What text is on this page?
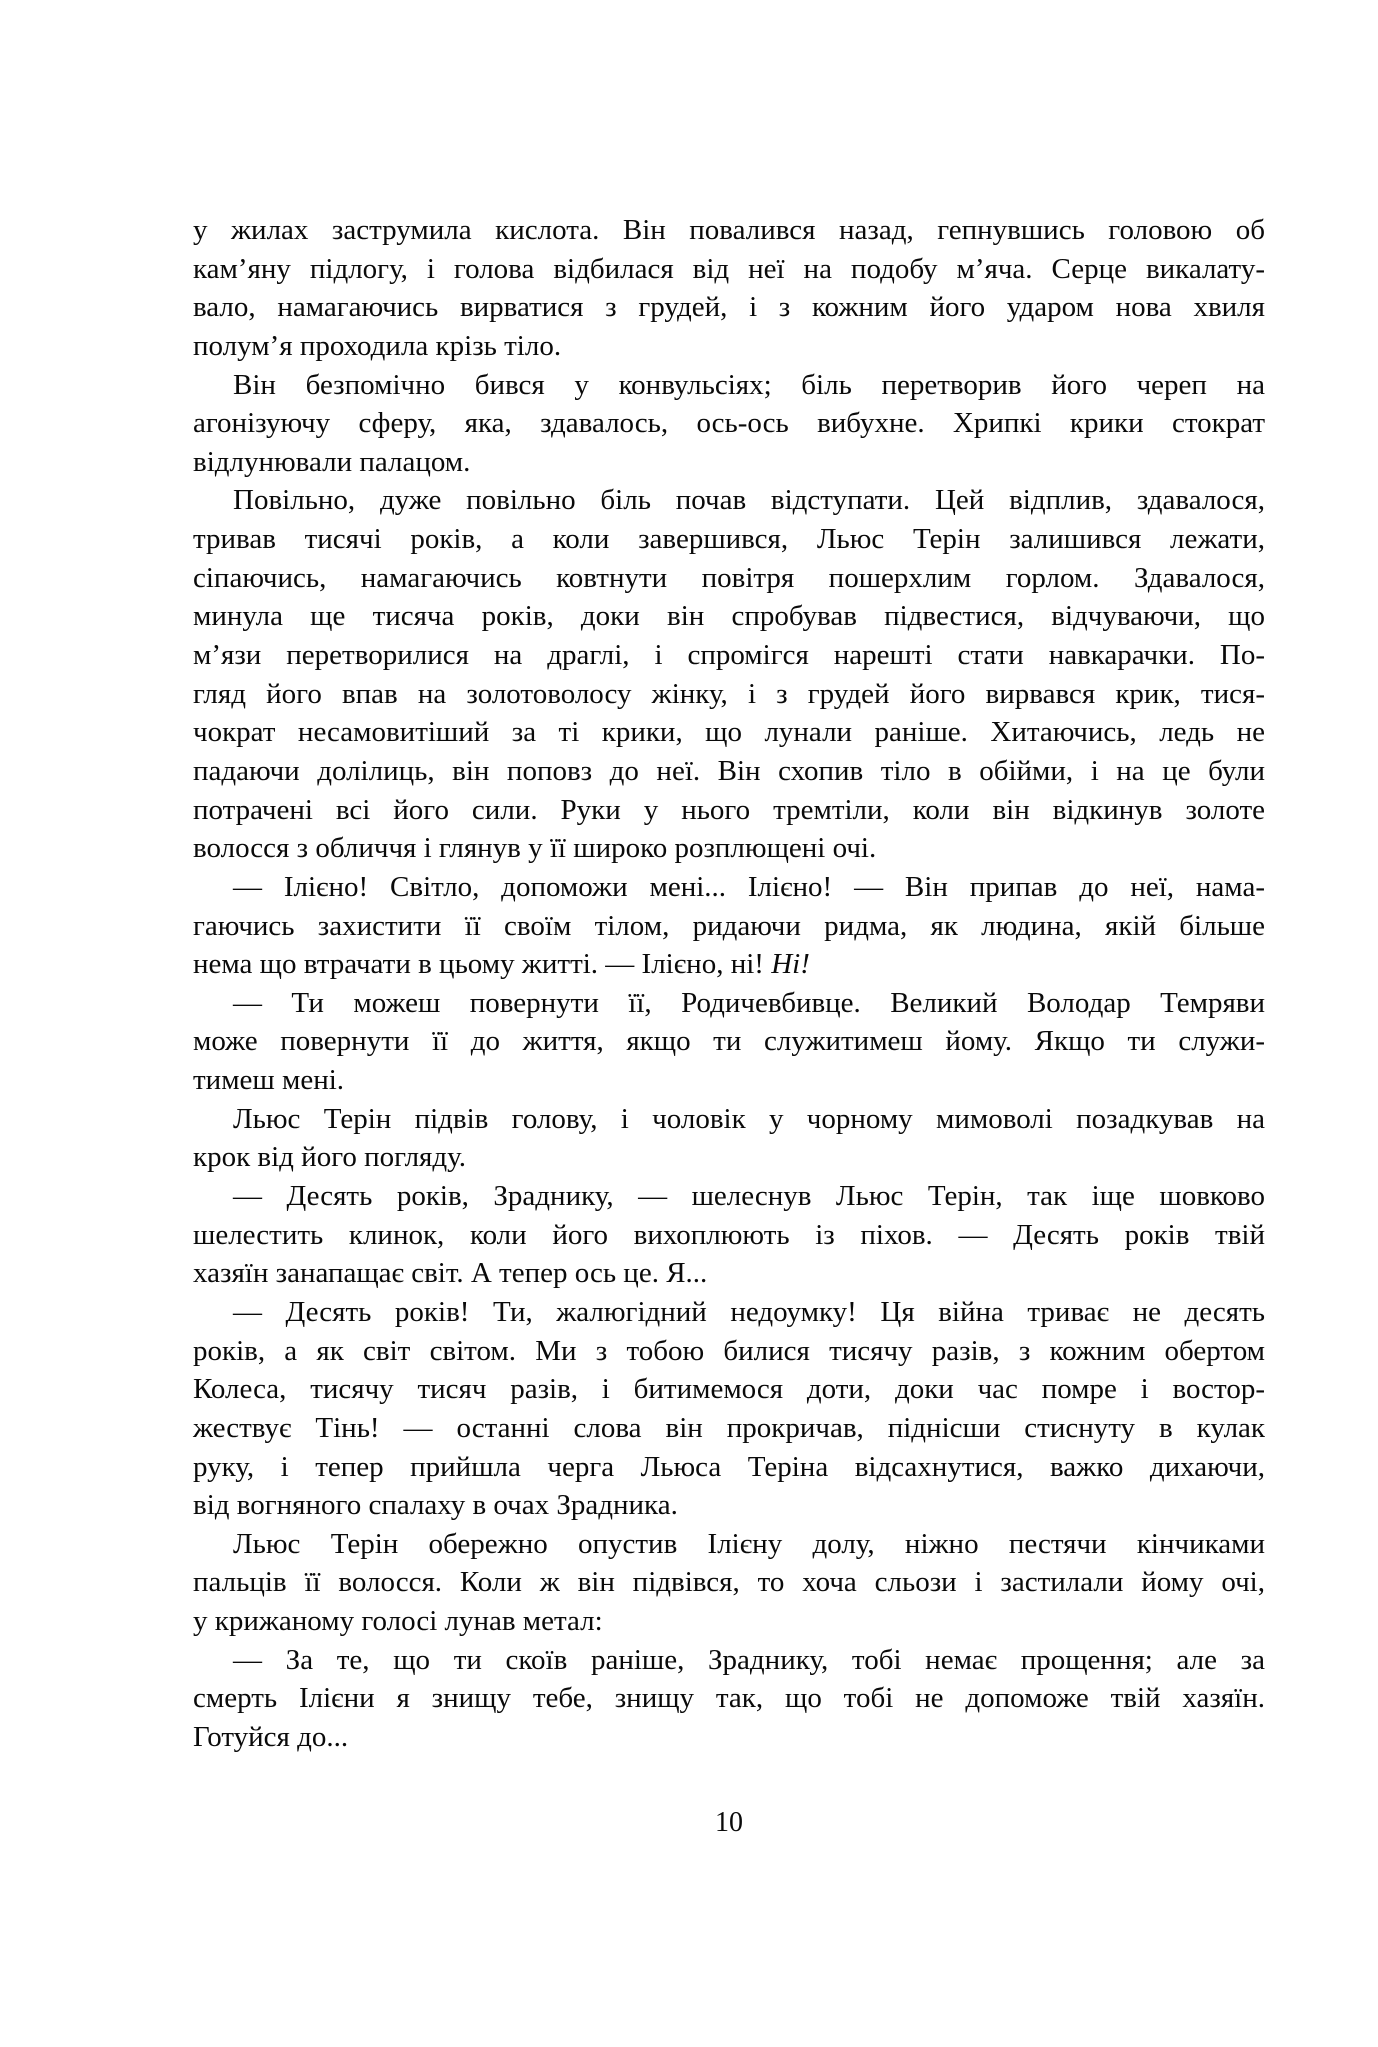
у жилах заструмила кислота. Він повалився назад, гепнувшись головою об
кам’яну підлогу, і голова відбилася від неї на подобу м’яча. Серце викалату-
вало, намагаючись вирватися з грудей, і з кожним його ударом нова хвиля
полум’я проходила крізь тіло.
Він безпомічно бився у конвульсіях; біль перетворив його череп на
агонізуючу сферу, яка, здавалось, ось-ось вибухне. Хрипкі крики стократ
відлунювали палацом.
Повільно, дуже повільно біль почав відступати. Цей відплив, здавалося,
тривав тисячі років, а коли завершився, Льюс Терін залишився лежати,
сіпаючись, намагаючись ковтнути повітря пошерхлим горлом. Здавалося,
минула ще тисяча років, доки він спробував підвестися, відчуваючи, що
м’язи перетворилися на драглі, і спромігся нарешті стати навкарачки. По-
гляд його впав на золотоволосу жінку, і з грудей його вирвався крик, тися-
чократ несамовитіший за ті крики, що лунали раніше. Хитаючись, ледь не
падаючи долілиць, він поповз до неї. Він схопив тіло в обійми, і на це були
потрачені всі його сили. Руки у нього тремтіли, коли він відкинув золоте
волосся з обличчя і глянув у її широко розплющені очі.
— Ілієно! Світло, допоможи мені... Ілієно! — Він припав до неї, нама-
гаючись захистити її своїм тілом, ридаючи ридма, як людина, якій більше
нема що втрачати в цьому житті. — Ілієно, ні! Ні!
— Ти можеш повернути її, Родичевбивце. Великий Володар Темряви
може повернути її до життя, якщо ти служитимеш йому. Якщо ти служи-
тимеш мені.
Льюс Терін підвів голову, і чоловік у чорному мимоволі позадкував на
крок від його погляду.
— Десять років, Зраднику, — шелеснув Льюс Терін, так іще шовково
шелестить клинок, коли його вихоплюють із піхов. — Десять років твій
хазяїн занапащає світ. А тепер ось це. Я...
— Десять років! Ти, жалюгідний недоумку! Ця війна триває не десять
років, а як світ світом. Ми з тобою билися тисячу разів, з кожним обертом
Колеса, тисячу тисяч разів, і битимемося доти, доки час помре і востор-
жествує Тінь! — останні слова він прокричав, піднісши стиснуту в кулак
руку, і тепер прийшла черга Льюса Теріна відсахнутися, важко дихаючи,
від вогняного спалаху в очах Зрадника.
Льюс Терін обережно опустив Ілієну долу, ніжно пестячи кінчиками
пальців її волосся. Коли ж він підвівся, то хоча сльози і застилали йому очі,
у крижаному голосі лунав метал:
— За те, що ти скоїв раніше, Зраднику, тобі немає прощення; але за
смерть Ілієни я знищу тебе, знищу так, що тобі не допоможе твій хазяїн.
Готуйся до...
10
